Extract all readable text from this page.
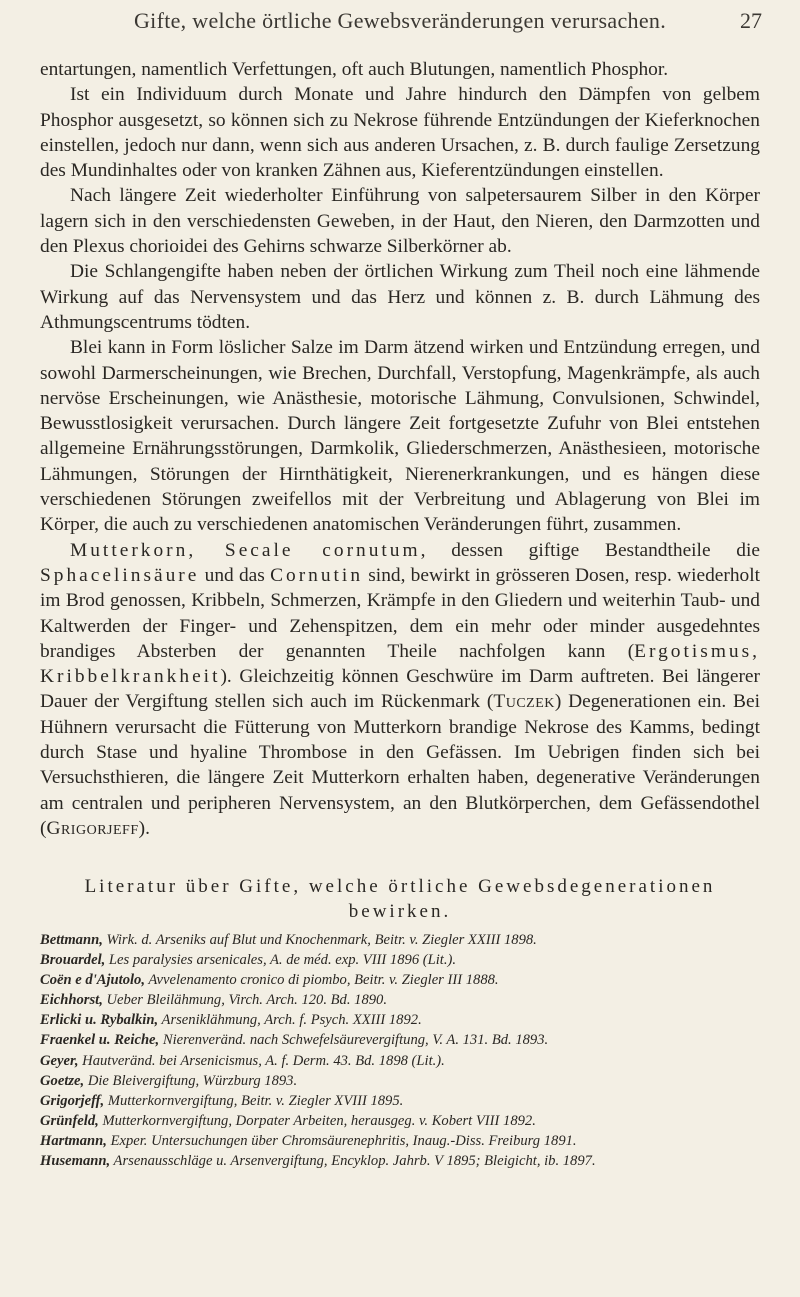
Gifte, welche örtliche Gewebsveränderungen verursachen.	27

entartungen, namentlich Verfettungen, oft auch Blutungen, namentlich Phosphor.

Ist ein Individuum durch Monate und Jahre hindurch den Dämpfen von gelbem Phosphor ausgesetzt, so können sich zu Nekrose führende Entzündungen der Kieferknochen einstellen, jedoch nur dann, wenn sich aus anderen Ursachen, z. B. durch faulige Zersetzung des Mundinhaltes oder von kranken Zähnen aus, Kieferentzündungen einstellen.

Nach längere Zeit wiederholter Einführung von salpetersaurem Silber in den Körper lagern sich in den verschiedensten Geweben, in der Haut, den Nieren, den Darmzotten und den Plexus chorioidei des Gehirns schwarze Silberkörner ab.

Die Schlangengifte haben neben der örtlichen Wirkung zum Theil noch eine lähmende Wirkung auf das Nervensystem und das Herz und können z. B. durch Lähmung des Athmungscentrums tödten.

Blei kann in Form löslicher Salze im Darm ätzend wirken und Entzündung erregen, und sowohl Darmerscheinungen, wie Brechen, Durchfall, Verstopfung, Magenkrämpfe, als auch nervöse Erscheinungen, wie Anästhesie, motorische Lähmung, Convulsionen, Schwindel, Bewusstlosigkeit verursachen. Durch längere Zeit fortgesetzte Zufuhr von Blei entstehen allgemeine Ernährungsstörungen, Darmkolik, Gliederschmerzen, Anästhesieen, motorische Lähmungen, Störungen der Hirnthätigkeit, Nierenerkrankungen, und es hängen diese verschiedenen Störungen zweifellos mit der Verbreitung und Ablagerung von Blei im Körper, die auch zu verschiedenen anatomischen Veränderungen führt, zusammen.

Mutterkorn, Secale cornutum, dessen giftige Bestandtheile die Sphacelinsäure und das Cornutin sind, bewirkt in grösseren Dosen, resp. wiederholt im Brod genossen, Kribbeln, Schmerzen, Krämpfe in den Gliedern und weiterhin Taub- und Kaltwerden der Finger- und Zehenspitzen, dem ein mehr oder minder ausgedehntes brandiges Absterben der genannten Theile nachfolgen kann (Ergotismus, Kribbelkrankheit). Gleichzeitig können Geschwüre im Darm auftreten. Bei längerer Dauer der Vergiftung stellen sich auch im Rückenmark (Tuczek) Degenerationen ein. Bei Hühnern verursacht die Fütterung von Mutterkorn brandige Nekrose des Kamms, bedingt durch Stase und hyaline Thrombose in den Gefässen. Im Uebrigen finden sich bei Versuchsthieren, die längere Zeit Mutterkorn erhalten haben, degenerative Veränderungen am centralen und peripheren Nervensystem, an den Blutkörperchen, dem Gefässendothel (Grigorjeff).

Literatur über Gifte, welche örtliche Gewebsdegenerationen bewirken.

Bettmann, Wirk. d. Arseniks auf Blut und Knochenmark, Beitr. v. Ziegler XXIII 1898.

Brouardel, Les paralysies arsenicales, A. de méd. exp. VIII 1896 (Lit.).

Coën e d'Ajutolo, Avvelenamento cronico di piombo, Beitr. v. Ziegler III 1888.

Eichhorst, Ueber Bleilähmung, Virch. Arch. 120. Bd. 1890.

Erlicki u. Rybalkin, Arseniklähmung, Arch. f. Psych. XXIII 1892.

Fraenkel u. Reiche, Nierenveränd. nach Schwefelsäurevergiftung, V. A. 131. Bd. 1893.

Geyer, Hautveränd. bei Arsenicismus, A. f. Derm. 43. Bd. 1898 (Lit.).

Goetze, Die Bleivergiftung, Würzburg 1893.

Grigorjeff, Mutterkornvergiftung, Beitr. v. Ziegler XVIII 1895.

Grünfeld, Mutterkornvergiftung, Dorpater Arbeiten, herausgeg. v. Kobert VIII 1892.

Hartmann, Exper. Untersuchungen über Chromsäurenephritis, Inaug.-Diss. Freiburg 1891.

Husemann, Arsenausschläge u. Arsenvergiftung, Encyklop. Jahrb. V 1895; Bleigicht, ib. 1897.
